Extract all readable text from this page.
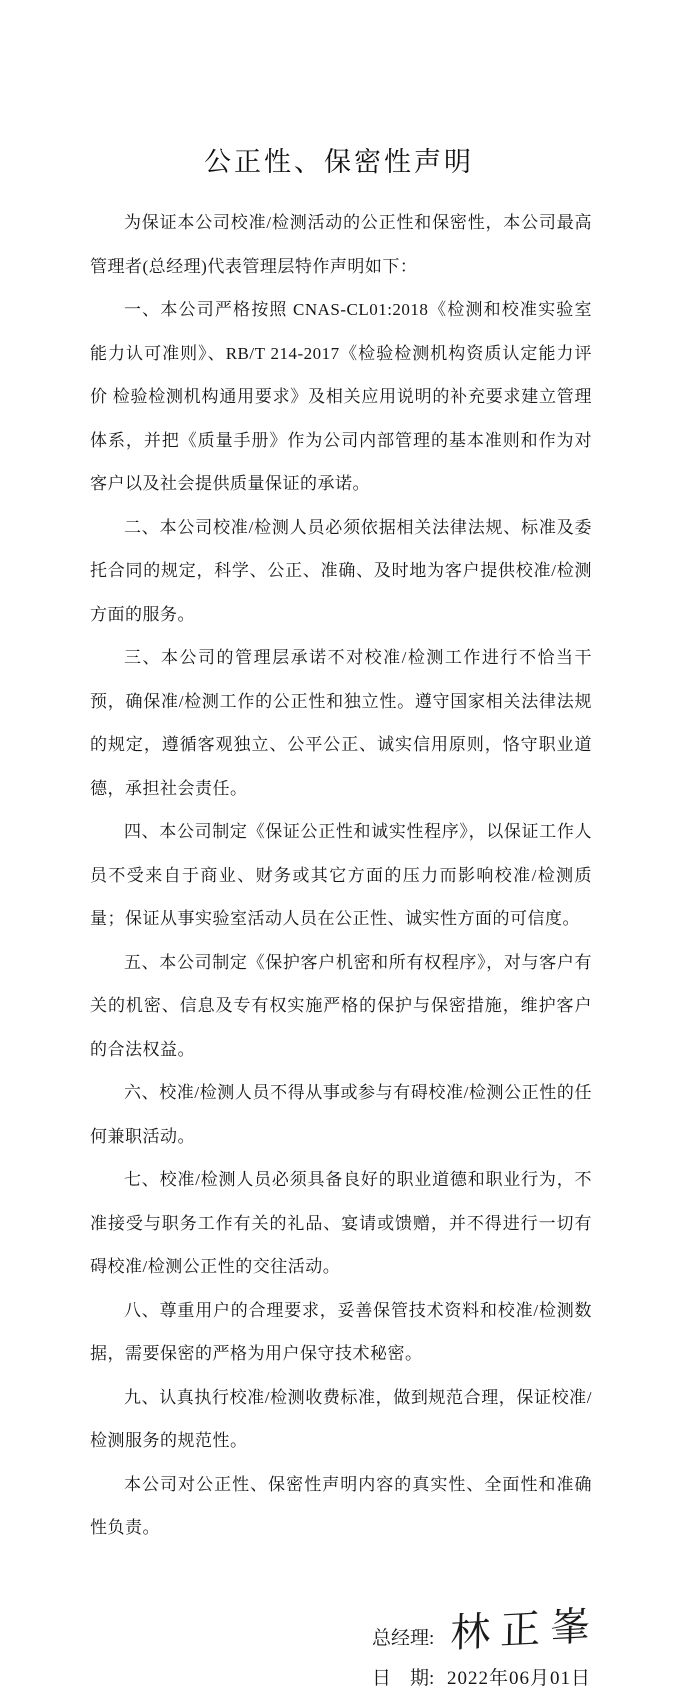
公正性、保密性声明

为保证本公司校准/检测活动的公正性和保密性，本公司最高管理者(总经理)代表管理层特作声明如下：

一、本公司严格按照 CNAS-CL01:2018《检测和校准实验室能力认可准则》、RB/T 214-2017《检验检测机构资质认定能力评价 检验检测机构通用要求》及相关应用说明的补充要求建立管理体系，并把《质量手册》作为公司内部管理的基本准则和作为对客户以及社会提供质量保证的承诺。

二、本公司校准/检测人员必须依据相关法律法规、标准及委托合同的规定，科学、公正、准确、及时地为客户提供校准/检测方面的服务。

三、本公司的管理层承诺不对校准/检测工作进行不恰当干预，确保准/检测工作的公正性和独立性。遵守国家相关法律法规的规定，遵循客观独立、公平公正、诚实信用原则，恪守职业道德，承担社会责任。

四、本公司制定《保证公正性和诚实性程序》，以保证工作人员不受来自于商业、财务或其它方面的压力而影响校准/检测质量；保证从事实验室活动人员在公正性、诚实性方面的可信度。

五、本公司制定《保护客户机密和所有权程序》，对与客户有关的机密、信息及专有权实施严格的保护与保密措施，维护客户的合法权益。

六、校准/检测人员不得从事或参与有碍校准/检测公正性的任何兼职活动。

七、校准/检测人员必须具备良好的职业道德和职业行为，不准接受与职务工作有关的礼品、宴请或馈赠，并不得进行一切有碍校准/检测公正性的交往活动。

八、尊重用户的合理要求，妥善保管技术资料和校准/检测数据，需要保密的严格为用户保守技术秘密。

九、认真执行校准/检测收费标准，做到规范合理，保证校准/检测服务的规范性。

本公司对公正性、保密性声明内容的真实性、全面性和准确性负责。

总经理: 林正峯
日　期: 2022年06月01日
